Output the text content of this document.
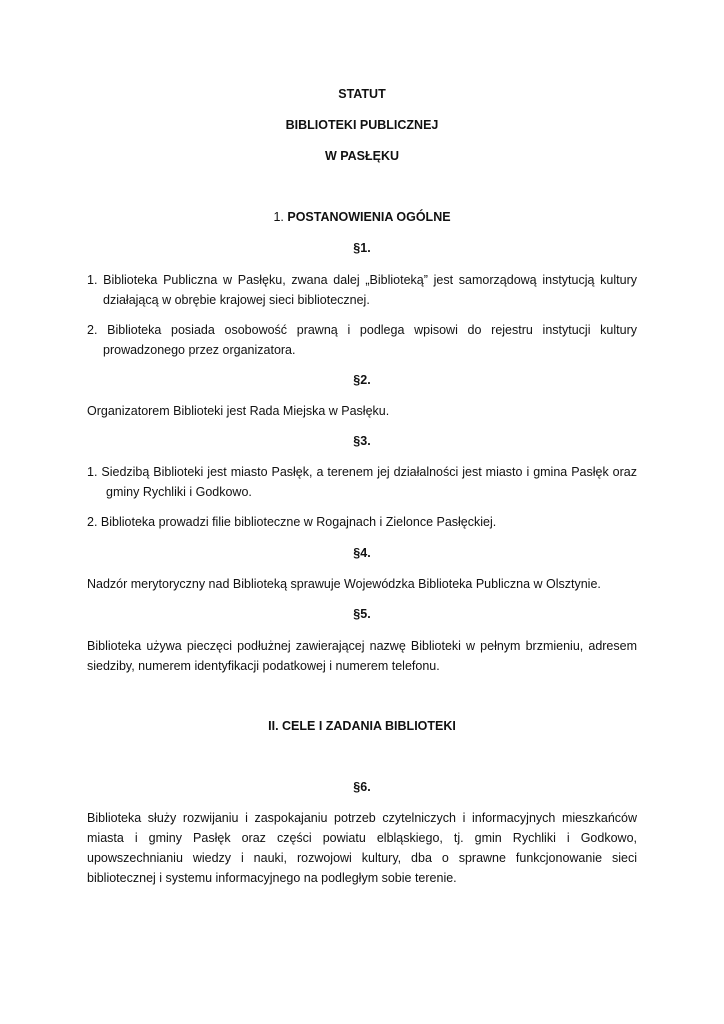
STATUT

BIBLIOTEKI PUBLICZNEJ

W PASŁĘKU

1. POSTANOWIENIA OGÓLNE

§1.

1. Biblioteka Publiczna w Pasłęku, zwana dalej „Biblioteką” jest samorządową instytucją kultury działającą w obrębie krajowej sieci bibliotecznej.

2. Biblioteka posiada osobowość prawną i podlega wpisowi do rejestru instytucji kultury prowadzonego przez organizatora.

§2.

Organizatorem Biblioteki jest Rada Miejska w Pasłęku.

§3.

1. Siedzibą Biblioteki jest miasto Pasłęk, a terenem jej działalności jest miasto i gmina Pasłęk oraz gminy Rychliki i Godkowo.

2. Biblioteka prowadzi filie biblioteczne w Rogajnach i Zielonce Pasłęckiej.

§4.

Nadzór merytoryczny nad Biblioteką sprawuje Wojewódzka Biblioteka Publiczna w Olsztynie.

§5.

Biblioteka używa pieczęci podłużnej zawierającej nazwę Biblioteki w pełnym brzmieniu, adresem siedziby, numerem identyfikacji podatkowej i numerem telefonu.

II. CELE I ZADANIA BIBLIOTEKI

§6.

Biblioteka służy rozwijaniu i zaspokajaniu potrzeb czytelniczych i informacyjnych mieszkańców miasta i gminy Pasłęk oraz części powiatu elbląskiego, tj. gmin Rychliki i Godkowo, upowszechnianiu wiedzy i nauki, rozwojowi kultury, dba o sprawne funkcjonowanie sieci bibliotecznej i systemu informacyjnego na podległym sobie terenie.
